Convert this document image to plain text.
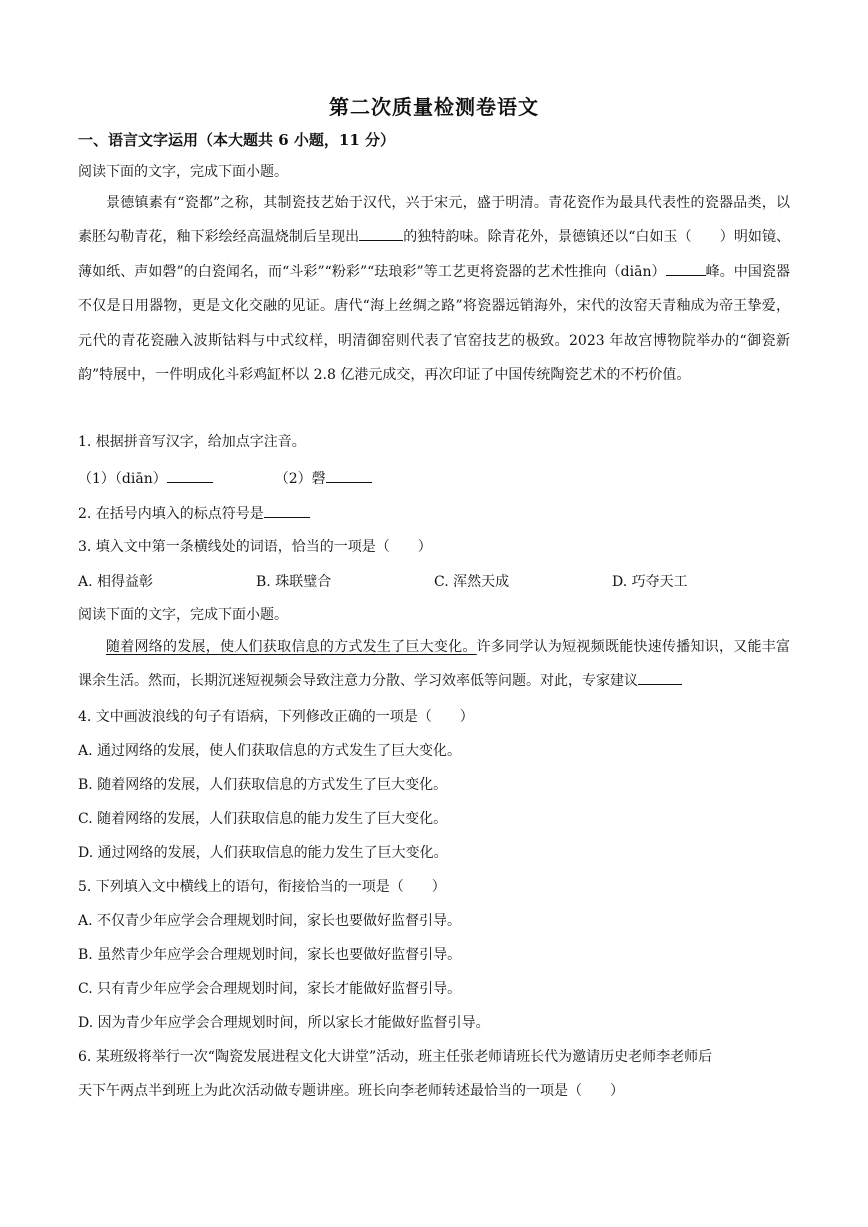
第二次质量检测卷语文
一、语言文字运用（本大题共 6 小题，11 分）
阅读下面的文字，完成下面小题。
景德镇素有“瓷都”之称，其制瓷技艺始于汉代，兴于宋元，盛于明清。青花瓷作为最具代表性的瓷器品类，以素胚勾勒青花，釉下彩绘经高温烧制后呈现出	的独特韵味。除青花外，景德镇还以“白如玉（　　）明如镜、薄如纸、声如磬”的白瓷闻名，而“斗彩”“粉彩”“珐琅彩”等工艺更将瓷器的艺术性推向（diān）	峰。中国瓷器不仅是日用器物，更是文化交融的见证。唐代“海上丝绸之路”将瓷器远销海外，宋代的汝窑天青釉成为帝王挚爱，元代的青花瓷融入波斯钴料与中式纹样，明清御窑则代表了官窑技艺的极致。2023 年故宫博物院举办的“御瓷新韵”特展中，一件明成化斗彩鸡缸杯以 2.8 亿港元成交，再次印证了中国传统陶瓷艺术的不朽价值。
1. 根据拼音写汉字，给加点字注音。
（1）（diān）	（2）磬
2. 在括号内填入的标点符号是
3. 填入文中第一条横线处的词语，恰当的一项是（　　）
A. 相得益彰	B. 珠联璧合	C. 浑然天成	D. 巧夺天工
阅读下面的文字，完成下面小题。
随着网络的发展，使人们获取信息的方式发生了巨大变化。许多同学认为短视频既能快速传播知识，又能丰富课余生活。然而，长期沉迷短视频会导致注意力分散、学习效率低等问题。对此，专家建议
4. 文中画波浪线的句子有语病，下列修改正确的一项是（　　）
A. 通过网络的发展，使人们获取信息的方式发生了巨大变化。
B. 随着网络的发展，人们获取信息的方式发生了巨大变化。
C. 随着网络的发展，人们获取信息的能力发生了巨大变化。
D. 通过网络的发展，人们获取信息的能力发生了巨大变化。
5. 下列填入文中横线上的语句，衔接恰当的一项是（　　）
A. 不仅青少年应学会合理规划时间，家长也要做好监督引导。
B. 虽然青少年应学会合理规划时间，家长也要做好监督引导。
C. 只有青少年应学会合理规划时间，家长才能做好监督引导。
D. 因为青少年应学会合理规划时间，所以家长才能做好监督引导。
6. 某班级将举行一次“陶瓷发展进程文化大讲堂”活动，班主任张老师请班长代为邀请历史老师李老师后
天下午两点半到班上为此次活动做专题讲座。班长向李老师转述最恰当的一项是（　　）
